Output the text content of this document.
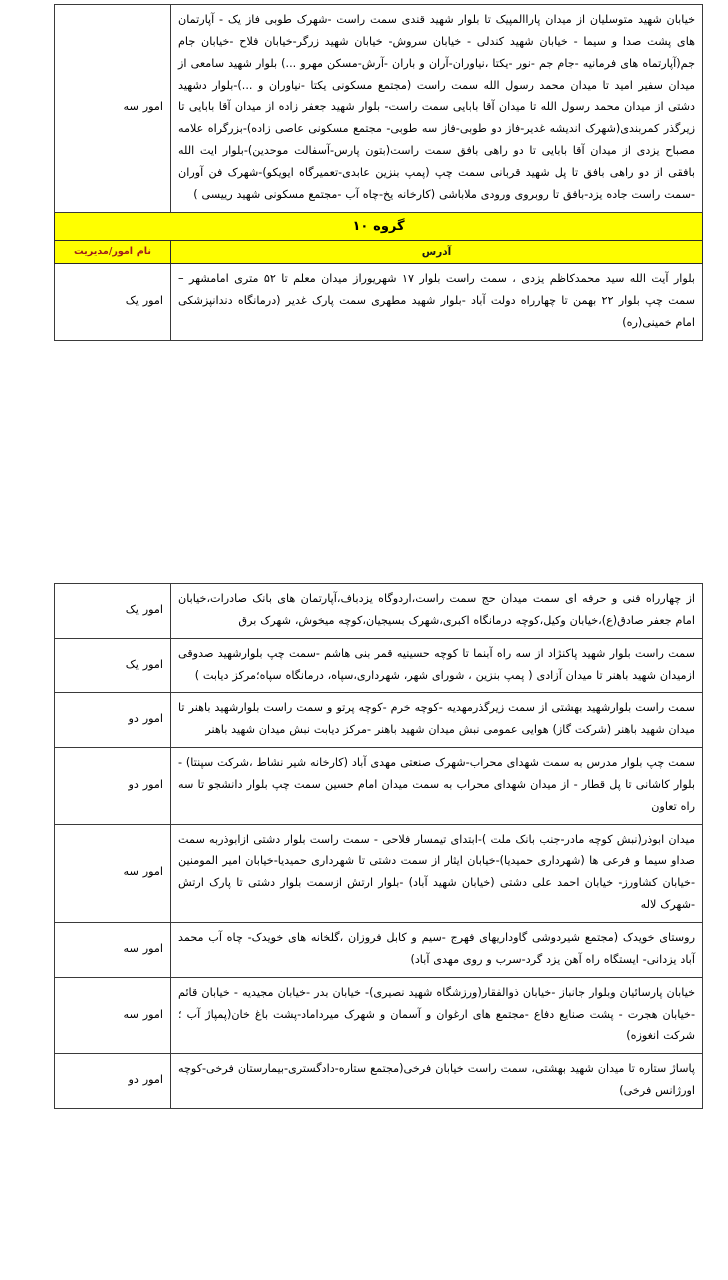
خیابان شهید متوسلیان از میدان پاراالمپیک تا بلوار شهید قندی سمت راست -شهرک طوبی فاز یک - آپارتمان های پشت صدا و سیما - خیابان شهید کندلی - خیابان سروش- خیابان شهید زرگر-خیابان فلاح -خیابان جام جم(آپارتماه های فرمانیه -جام جم -نور -یکتا ،نیاوران-آران و باران -آرش-مسکن مهرو ...) بلوار شهید سامعی از میدان سفیر امید تا میدان محمد رسول الله سمت راست (مجتمع مسکونی یکتا -نیاوران و ...)-بلوار دشهید دشتی از میدان محمد رسول الله تا میدان آقا بابایی سمت راست- بلوار شهید جعفر زاده از میدان آقا بابایی تا زیرگذر کمربندی(شهرک اندیشه غدیر-فاز دو طوبی-فاز سه طوبی- مجتمع مسکونی عاصی زاده)-بزرگراه علامه مصباح یزدی از میدان آقا بابایی تا دو راهی بافق سمت راست(بتون پارس-آسفالت موحدین)-بلوار ایت الله بافقی از دو راهی بافق تا پل شهید قربانی سمت چپ (پمپ بنزین عابدی-تعمیرگاه ایویکو)-شهرک فن آوران -سمت راست جاده یزد-بافق تا روبروی ورودی ملاباشی (کارخانه یخ-چاه آب -مجتمع مسکونی شهید رییسی )	امور سه
گروه ۱۰	
آدرس	نام امور/مدیریت
بلوار آیت الله سید محمدکاظم یزدی ، سمت راست بلوار ۱۷ شهریوراز میدان معلم تا ۵۲ متری امامشهر – سمت چپ بلوار ۲۲ بهمن تا چهارراه دولت آباد -بلوار شهید مطهری سمت پارک غدیر (درمانگاه دندانپزشکی امام خمینی(ره)	امور یک
از چهارراه فنی و حرفه ای سمت میدان حج سمت راست،اردوگاه یزدباف،آپارتمان های بانک صادرات،خیابان امام جعفر صادق(ع)،خیابان وکیل،کوچه درمانگاه اکبری،شهرک بسیجیان،کوچه میخوش، شهرک برق	امور یک
سمت راست بلوار شهید پاکنژاد از سه راه آبنما تا کوچه حسینیه قمر بنی هاشم -سمت چپ بلوارشهید صدوقی ازمیدان شهید باهنر تا میدان آزادی ( پمپ بنزین ، شورای شهر، شهرداری،سپاه، درمانگاه سپاه؛مرکز دیابت )	امور یک
سمت راست بلوارشهید بهشتی از سمت زیرگذرمهدیه -کوچه خرم -کوچه پرتو و سمت راست بلوارشهید باهنر تا میدان شهید باهنر (شرکت گاز) هوایی عمومی نبش میدان شهید باهنر -مرکز دیابت نبش میدان شهید باهنر	امور دو
سمت چپ بلوار مدرس به سمت شهدای محراب-شهرک صنعتی مهدی آباد (کارخانه شیر نشاط ،شرکت سپنتا) - بلوار کاشانی تا پل قطار - از میدان شهدای محراب به سمت میدان امام حسین سمت چپ بلوار دانشجو تا سه راه تعاون	امور دو
میدان ابوذر(نبش کوچه مادر-جنب بانک ملت )-ابتدای تیمسار فلاحی - سمت راست بلوار دشتی ازابوذربه سمت صداو سیما و فرعی ها (شهرداری حمیدیا)-خیابان ایثار از سمت دشتی تا شهرداری حمیدیا-خیابان امیر المومنین -خیابان کشاورز- خیابان احمد علی دشتی (خیابان شهید آباد) -بلوار ارتش ازسمت بلوار دشتی تا پارک ارتش -شهرک لاله	امور سه
روستای خویدک (مجتمع شیردوشی گاوداریهای فهرج -سیم و کابل فروزان ،گلخانه های خویدک- چاه آب محمد آباد یزدانی- ایستگاه راه آهن یزد گرد-سرب و روی مهدی آباد)	امور سه
خیابان پارسائیان وبلوار جانباز -خیابان ذوالفقار(ورزشگاه شهید نصیری)- خیابان بدر -خیابان مجیدیه - خیابان قائم -خیابان هجرت - پشت صنایع دفاع -مجتمع های ارغوان و آسمان و شهرک میرداماد-پشت باغ خان(پمپاژ آب ؛شرکت انغوزه)	امور سه
پاساژ ستاره تا میدان شهید بهشتی، سمت راست خیابان فرخی(مجتمع ستاره-دادگستری-بیمارستان فرخی-کوچه اورژانس فرخی)	امور دو
